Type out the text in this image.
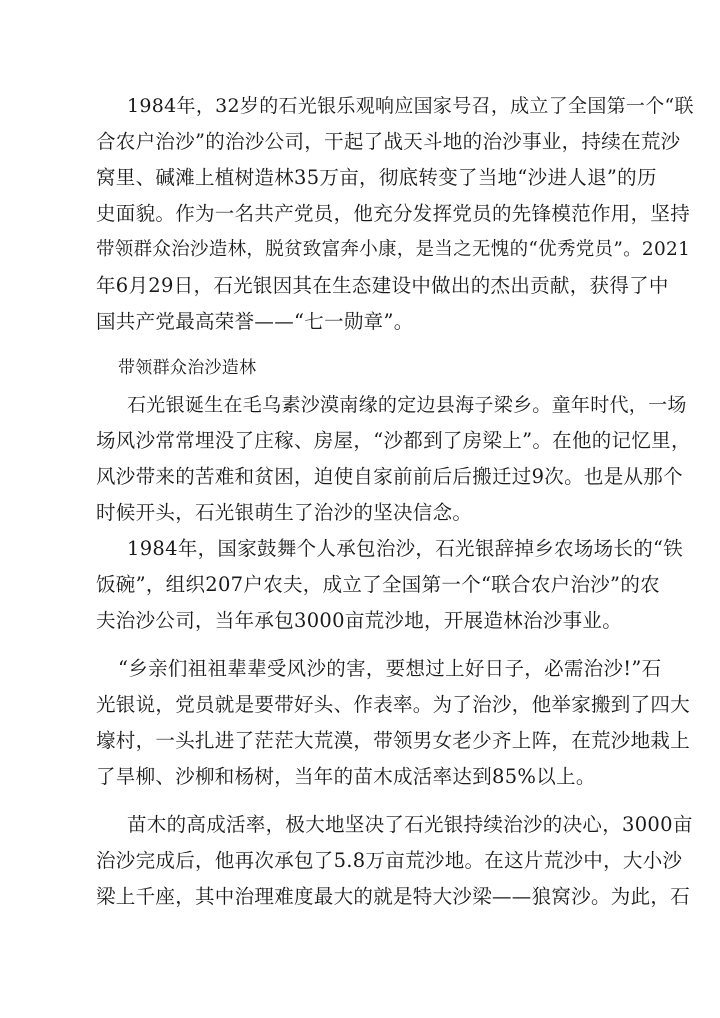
1984年，32岁的石光银乐观响应国家号召，成立了全国第一个“联
合农户治沙”的治沙公司，干起了战天斗地的治沙事业，持续在荒沙
窝里、碱滩上植树造林35万亩，彻底转变了当地“沙进人退”的历
史面貌。作为一名共产党员，他充分发挥党员的先锋模范作用，坚持
带领群众治沙造林，脱贫致富奔小康，是当之无愧的“优秀党员”。2021
年6月29日，石光银因其在生态建设中做出的杰出贡献，获得了中
国共产党最高荣誉——“七一勋章”。
带领群众治沙造林
石光银诞生在毛乌素沙漠南缘的定边县海子梁乡。童年时代，一场
场风沙常常埋没了庄稼、房屋，“沙都到了房梁上”。在他的记忆里，
风沙带来的苦难和贫困，迫使自家前前后后搬迁过9次。也是从那个
时候开头，石光银萌生了治沙的坚决信念。
1984年，国家鼓舞个人承包治沙，石光银辞掉乡农场场长的“铁
饭碗”，组织207户农夫，成立了全国第一个“联合农户治沙”的农
夫治沙公司，当年承包3000亩荒沙地，开展造林治沙事业。
“乡亲们祖祖辈辈受风沙的害，要想过上好日子，必需治沙!”石
光银说，党员就是要带好头、作表率。为了治沙，他举家搬到了四大
壕村，一头扎进了茫茫大荒漠，带领男女老少齐上阵，在荒沙地栽上
了旱柳、沙柳和杨树，当年的苗木成活率达到85%以上。
苗木的高成活率，极大地坚决了石光银持续治沙的决心，3000亩
治沙完成后，他再次承包了5.8万亩荒沙地。在这片荒沙中，大小沙
梁上千座，其中治理难度最大的就是特大沙梁——狼窝沙。为此，石
